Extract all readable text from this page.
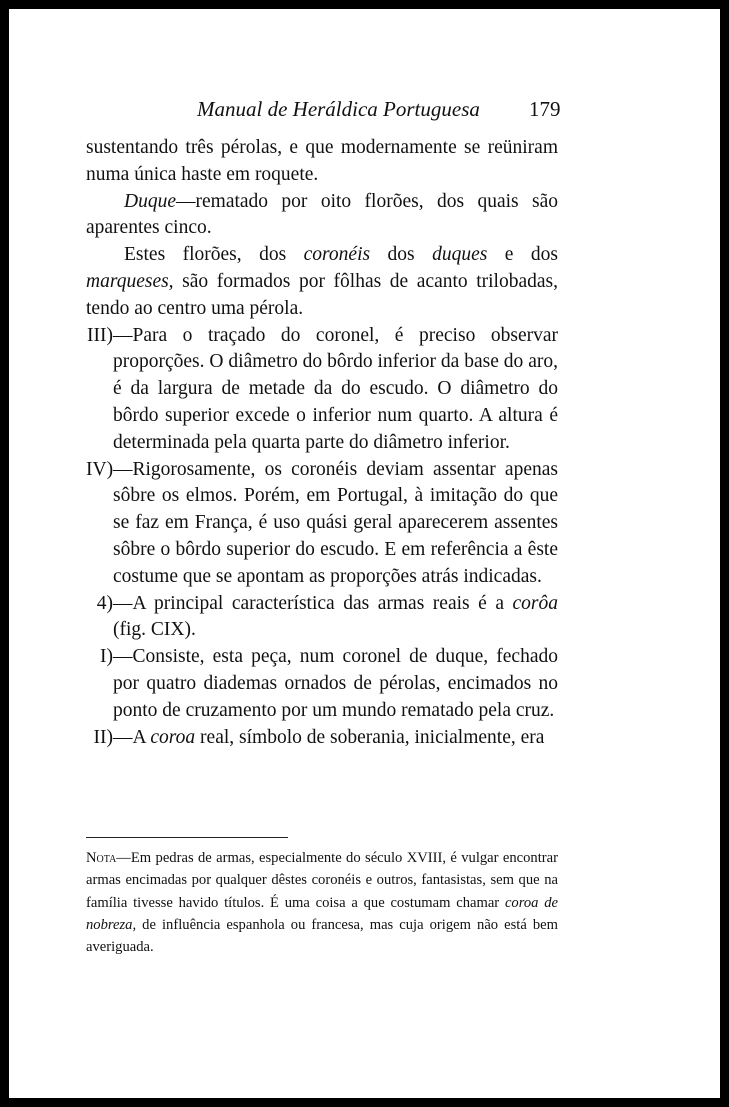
Manual de Heráldica Portuguesa 179

sustentando três pérolas, e que modernamente se reüniram numa única haste em roquete.

Duque—rematado por oito florões, dos quais são aparentes cinco.

Estes florões, dos coronéis dos duques e dos marqueses, são formados por fôlhas de acanto trilobadas, tendo ao centro uma pérola.

III) —Para o traçado do coronel, é preciso observar proporções. O diâmetro do bôrdo inferior da base do aro, é da largura de metade da do escudo. O diâmetro do bôrdo superior excede o inferior num quarto. A altura é determinada pela quarta parte do diâmetro inferior.
IV) —Rigorosamente, os coronéis deviam assentar apenas sôbre os elmos. Porém, em Portugal, à imitação do que se faz em França, é uso quási geral aparecerem assentes sôbre o bôrdo superior do escudo. E em referência a êste costume que se apontam as proporções atrás indicadas.
4) —A principal característica das armas reais é a corôa (fig. CIX).
I) —Consiste, esta peça, num coronel de duque, fechado por quatro diademas ornados de pérolas, encimados no ponto de cruzamento por um mundo rematado pela cruz.
II) —A coroa real, símbolo de soberania, inicialmente, era
Nota—Em pedras de armas, especialmente do século XVIII, é vulgar encontrar armas encimadas por qualquer dêstes coronéis e outros, fantasistas, sem que na família tivesse havido títulos. É uma coisa a que costumam chamar coroa de nobreza, de influência espanhola ou francesa, mas cuja origem não está bem averiguada.
